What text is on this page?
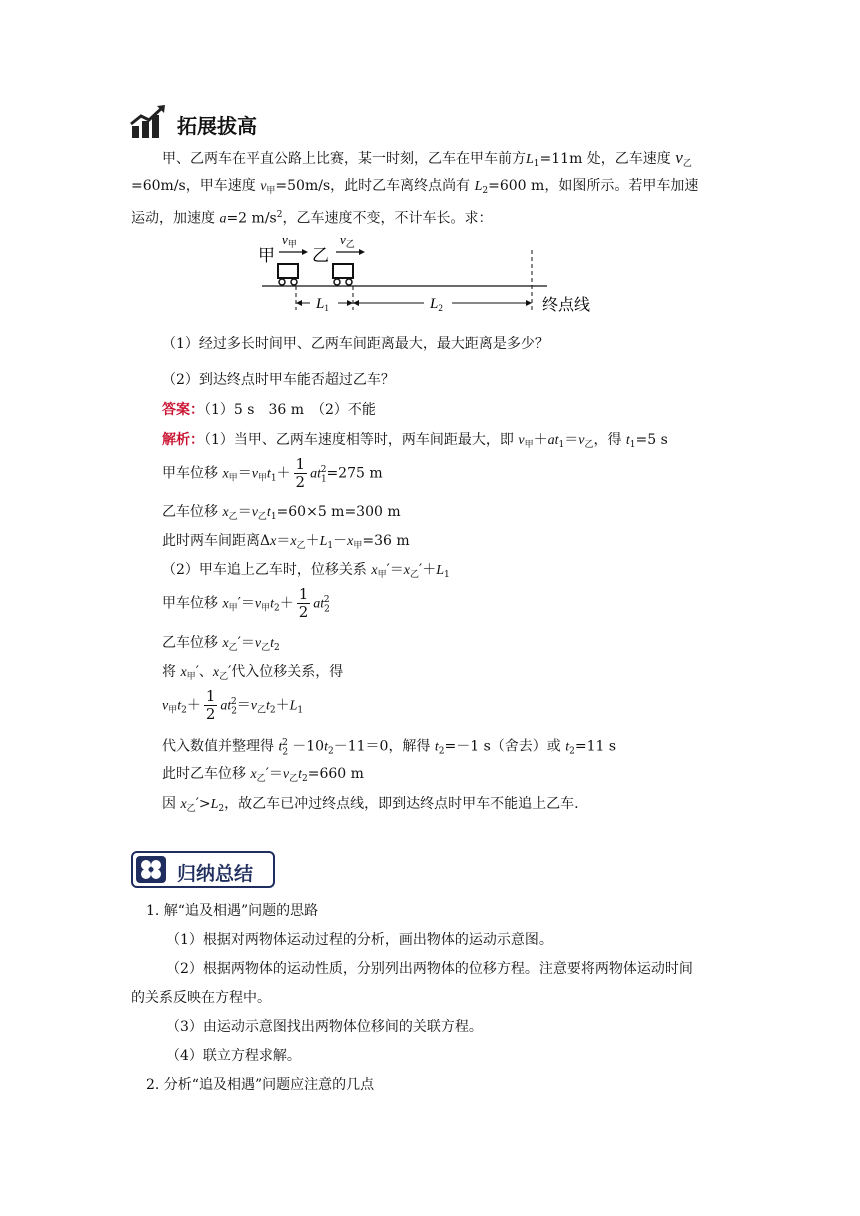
拓展拔高
甲、乙两车在平直公路上比赛，某一时刻，乙车在甲车前方$L_1=11m$ 处，乙车速度 $v_乙$
=60m/s，甲车速度 $v_甲=50m/s$，此时乙车离终点尚有 $L_2=600$ m，如图所示。若甲车加速
运动，加速度 a=2 $m/s^2$，乙车速度不变，不计车长。求：
甲 乙
$v_甲$	$v_乙$
$L_1$	$L_2$	终点线
（1）经过多长时间甲、乙两车间距离最大，最大距离是多少？
（2）到达终点时甲车能否超过乙车？
答案：（1）5 s　36 m　（2）不能
解析：（1）当甲、乙两车速度相等时，两车间距最大，即 $v_甲+at_1=v_乙$，得 $t_1=5$ s
甲车位移 $x_甲=v_甲t_1+ \frac{1}{2} at_1^2=275$ m
乙车位移 $x_乙=v_乙t_1=60\times 5$ m=300 m
此时两车间距离$\Delta x=x_乙+L_1-x_甲=36$ m
（2）甲车追上乙车时，位移关系 $x_甲'=x_乙'+L_1$
甲车位移 $x_甲'=v_甲t_2+ \frac{1}{2} at_2^2$
乙车位移 $x_乙'=v_乙t_2$
将 $x_甲'$、$x_乙'$代入位移关系，得
$v_甲t_2+ \frac{1}{2} at_2^2=v_乙t_2+L_1$
代入数值并整理得 $t_2^2 -10t_2-11=0$，解得 $t_2=-1$ s（舍去）或 $t_2=11$ s
此时乙车位移 $x_乙'=v_乙t_2=660$ m
因 $x_乙'>L_2$，故乙车已冲过终点线，即到达终点时甲车不能追上乙车.
归纳总结
1. 解“追及相遇”问题的思路
（1）根据对两物体运动过程的分析，画出物体的运动示意图。
（2）根据两物体的运动性质，分别列出两物体的位移方程。注意要将两物体运动时间
的关系反映在方程中。
（3）由运动示意图找出两物体位移间的关联方程。
（4）联立方程求解。
2. 分析“追及相遇”问题应注意的几点
